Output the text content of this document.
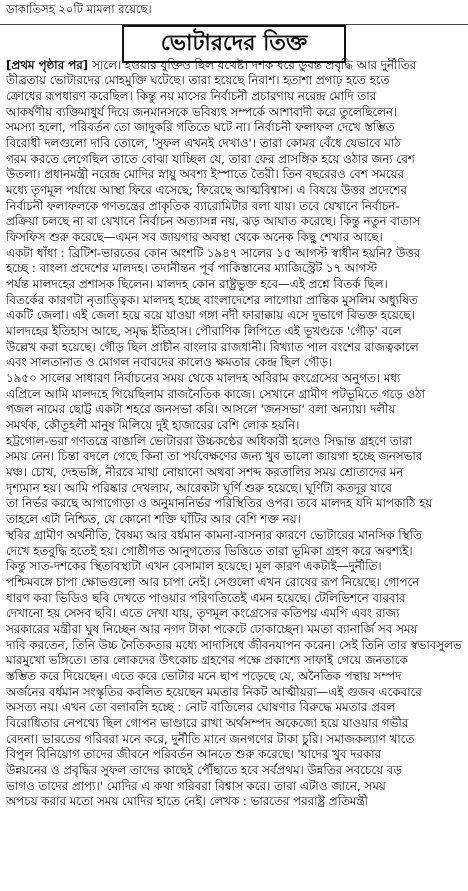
ডাকাতিসহ ২০টি মামলা রয়েছে।
ভোটারদের তিক্ত

[প্রথম পৃষ্ঠার পর] সালে। হওয়ার যুক্তিও ছিল যথেষ্ট। দশক ধরে ডুবন্ত প্রবৃদ্ধি আর দুর্নীতির

তীব্রতায় ভোটারদের মোহমুক্তি ঘটেছে। তারা হয়েছে নিরাশ। হতাশা প্রগাঢ় হতে হতে

ক্রোধের রূপধারণ করেছিল। কিন্তু নয় মাসের নির্বাচনী প্রচারণায় নরেন্দ্র মোদি তার

আকর্ষণীয় ব্যক্তিমাধুর্য দিয়ে জনমানসকে ভবিষ্যৎ সম্পর্কে আশাবাদী করে তুলেছিলেন।

সমস্যা হলো, পরিবর্তন তো জাদুকরি গতিতে ঘটে না। নির্বাচনী ফলাফল দেখে স্তম্ভিত

বিরোধী দলগুলো দাবি তোলে, 'সুফল এখনই দেখাও'। তারা কোমর বেঁধে যেভাবে মাঠ

গরম করতে লেগেছিল তাতে বোঝা যাচ্ছিল যে, তারা ফের প্রাসঙ্গিক হয়ে ওঠার জন্য বেশ

উতলা। প্রধানমন্ত্রী নরেন্দ্র মোদির স্নায়ু অবশ্য ইস্পাতে তৈরী। তিন বছরেরও বেশ সময়ের

মধ্যে তৃণমূল পর্যায়ে আস্থা ফিরে এসেছে; ফিরেছে আত্মবিশ্বাস। এ বিষয়ে উত্তর প্রদেশের

নির্বাচনী ফলাফলকে গণতন্ত্রের প্রাকৃতিক ব্যারোমিটার বলা যায়। তবে যেখানে নির্বাচন-

প্রক্রিয়া চলছে না বা যেখানে নির্বাচন অত্যাসন্ন নয়, ঝড় আঘাত করেছে। কিন্তু নতুন বাতাস

ফিসফিস শুরু করেছে—এমন সব জায়গার অবস্থা থেকে অনেক কিছু শেখার আছে।

একটা ধাঁধা : ব্রিটিশ-ভারতের কোন অংশটি ১৯৪৭ সালের ১৫ আগস্ট স্বাধীন হয়নি? উত্তর

হচ্ছে : বাংলা প্রদেশের মালদহ। তদানীন্তন পূর্ব পাকিস্তানের ম্যাজিস্ট্রেট ১৭ আগস্ট

পর্যন্ত মালদহের প্রশাসক ছিলেন। মালদহ কোন রাষ্ট্রভুক্ত হবে—এই প্রশ্নে বিতর্ক ছিল।

বিতর্কের কারণটা নৃতাত্ত্বিক। মালদহ হচ্ছে বাংলাদেশের লাগোয়া প্রান্তিক মুসলিম অধ্যুষিত

একটি জেলা। এই জেলা হয়ে বয়ে যাওয়া গঙ্গা নদী ফারাক্কায় এসে দুভাগে বিভক্ত হয়েছে।

মালদহের ইতিহাস আছে, সমৃদ্ধ ইতিহাস। পৌরাণিক লিপিতে এই ভূখণ্ডকে 'গৌড়' বলে

উল্লেখ করা হয়েছে। গৌড় ছিল প্রাচীন বাংলার রাজধানী। বিখ্যাত পাল বংশের রাজত্বকালে

এবং সালতানাত ও মোগল নবাবদের কালেও ক্ষমতার কেন্দ্র ছিল গৌড়।

১৯৫০ সালের সাধারণ নির্বাচনের সময় থেকে মালদহ অবিরাম কংগ্রেসের অনুগত। মধ্য

এপ্রিলে আমি মালদহে গিয়েছিলাম রাজনৈতিক কাজে। সেখানে গ্রামীণ পটভূমিতে গড়ে ওঠা

গজল নামের ছোট্ট একটা শহরে জনসভা করি। আসলে 'জনসভা' বলা অন্যায়। দলীয়

সমর্থক, কৌতূহলী মানুষ মিলিয়ে দুই হাজারের বেশি লোক হয়নি।

হট্টগোল-ভরা গণতন্ত্রে বাঙালি ভোটাররা উচ্চকণ্ঠের অধিকারী হলেও সিদ্ধান্ত গ্রহণে তারা

সময় নেন। চিন্তা বদলে গেছে কিনা তা পর্যবেক্ষণের জন্য খুব ভালো জায়গা হচ্ছে জনসভার

মঞ্চ। চোখ, দেহভঙ্গি, নীরবে মাথা নোয়ানো অথবা সশব্দ করতালির সময় শ্রোতাদের মন

দৃশ্যমান হয়। আমি পরিষ্কার দেখলাম, আরেকটা ঘূর্ণি শুরু হয়েছে। ঘূর্ণিটা কতদূর যাবে

তা নির্ভর করছে আগাগোড়া ও অনুমাননির্ভর পরিস্থিতির ওপর। তবে মালদহ যদি মাপকাঠি হয়

তাহলে এটা নিশ্চিত, যে কোনো শক্তি ঘাঁটির আর বেশি শক্ত নয়।

স্থবির গ্রামীণ অর্থনীতি, বৈষম্য আর বর্ধমান কামনা-বাসনার কারণে ভোটারের মানসিক স্থিতি

দেখে হতবুদ্ধি হতেই হয়। গোষ্ঠীগত আনুগত্যের ভিত্তিতে তারা ভূমিকা গ্রহণ করে অবশ্যই।

কিন্তু সাত-দশকের স্থিতাবস্থাটা এখন বেসামাল হয়েছে। মূল কারণ একটাই—দুর্নীতি।

পশ্চিমবঙ্গে চাপা ক্ষোভগুলো আর চাপা নেই। সেগুলো এখন রোষের রূপ নিয়েছে। গোপনে

ধারণ করা ভিডিও ছবি দেখতে পাওয়ার পরিণতিতেই এমন হয়েছে। টেলিভিশনে বারবার

দেখানো হয় সেসব ছবি। এতে দেখা যায়, তৃণমূল কংগ্রেসের কতিপয় এমপি এবং রাজ্য

সরকারের মন্ত্রীরা ঘুষ নিচ্ছেন আর নগদ টাকা পকেটে ঢোকাচ্ছেন। মমতা ব্যানার্জি সব সময়

দাবি করতেন, তিনি উচ্চ নৈতিকতার মধ্যে সাদাসিধে জীবনযাপন করেন। সেই তিনি তার স্বভাবসুলভ

মারমুখো ভঙ্গিতে। তার লোকদের উৎকোচ গ্রহণের পক্ষে প্রকাশ্যে সাফাই গেয়ে জনতাকে

স্তম্ভিত করে দিয়েছেন। এতে করে ভোটার মনে ছাপ পড়েছে যে, অনৈতিক পন্থায় সম্পদ

অর্জনের বর্ধমান সংস্কৃতির কবলিত হয়েছেন মমতার নিকট আত্মীয়রা—এই গুজব একেবারে

অসত্য নয়। এখন তো বলাবলি হচ্ছে : নোট বাতিলের ঘোষণার বিরুদ্ধে মমতার প্রবল

বিরোধিতার নেপথ্যে ছিল গোপন ভাণ্ডারে রাখা অর্থসম্পদ অকেজো হয়ে যাওয়ার গভীর

বেদনা। ভারতের গরিবরা মনে করে, দুর্নীতি মানে জনগণের টাকা চুরি। সমাজকল্যাণ খাতে

বিপুল বিনিয়োগ তাদের জীবনে পরিবর্তন আনতে শুরু করেছে। 'যাদের খুব দরকার

উন্নয়নের ও প্রবৃদ্ধির সুফল তাদের কাছেই পৌঁছাতে হবে সর্বপ্রথম। উন্নতির সবচেয়ে বড়

ভাগও তাদের প্রাপ্য।' মোদির এ কথা গরিবরা বিশ্বাস করে। তারা এটাও জানে, সময়

অপচয় করার মতো সময় মোদির হাতে নেই। লেখক : ভারতের পররাষ্ট্র প্রতিমন্ত্রী
